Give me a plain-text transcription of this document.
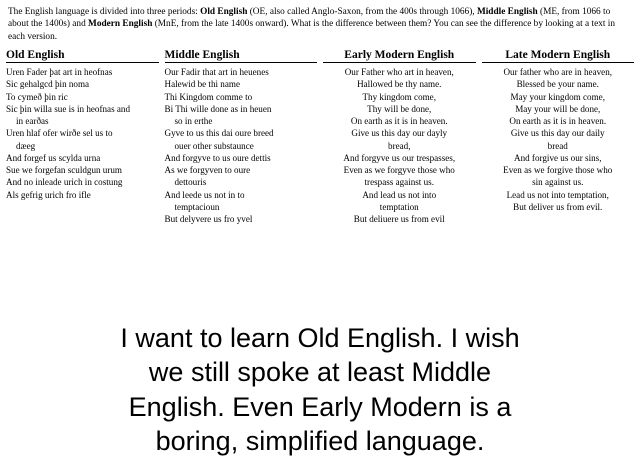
The English language is divided into three periods: Old English (OE, also called Anglo-Saxon, from the 400s through 1066), Middle English (ME, from 1066 to about the 1400s) and Modern English (MnE, from the late 1400s onward). What is the difference between them? You can see the difference by looking at a text in each version.
Old English
Uren Fader þat art in heofnas
Sic gehalgcd þin noma
To cymeð þin ric
Sic þin willa sue is in heofnas and
in earðas
Uren hlaf ofer wirðe sel us to
dæeg
And forgef us scylda urna
Sue we forgefan sculdgun urum
And no inleade urich in costung
Als gefrig urich fro ifle
Middle English
Our Fadir that art in heuenes
Halewid be thi name
Thi Kingdom comme to
Bi Thi wille done as in heuen
so in erthe
Gyve to us this dai oure breed
ouer other substaunce
And forgyve to us oure dettis
As we forgyven to oure
dettouris
And leede us not in to
temptacioun
But delyvere us fro yvel
Early Modern English
Our Father who art in heaven,
Hallowed be thy name.
Thy kingdom come,
Thy will be done,
On earth as it is in heaven.
Give us this day our dayly
bread,
And forgyve us our trespasses,
Even as we forgyve those who
trespass against us.
And lead us not into
temptation
But deliuere us from evil
Late Modern English
Our father who are in heaven,
Blessed be your name.
May your kingdom come,
May your will be done,
On earth as it is in heaven.
Give us this day our daily
bread
And forgive us our sins,
Even as we forgive those who
sin against us.
Lead us not into temptation,
But deliver us from evil.
I want to learn Old English. I wish
we still spoke at least Middle
English. Even Early Modern is a
boring, simplified language.
